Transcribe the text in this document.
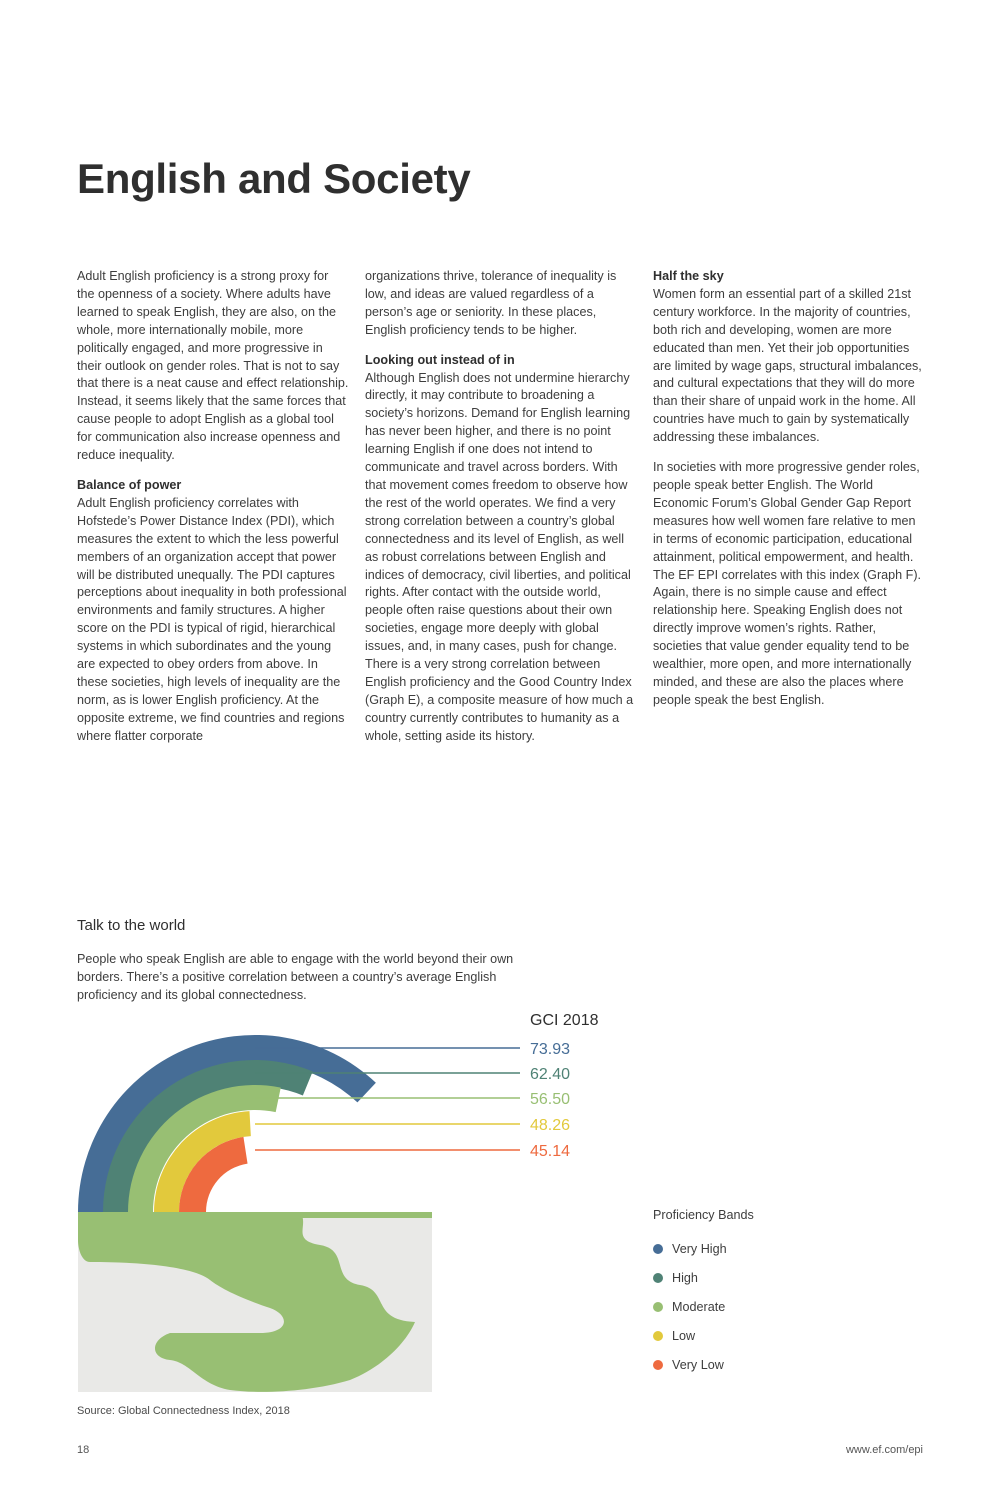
English and Society

Adult English proficiency is a strong proxy for the openness of a society. Where adults have learned to speak English, they are also, on the whole, more internationally mobile, more politically engaged, and more progressive in their outlook on gender roles. That is not to say that there is a neat cause and effect relationship. Instead, it seems likely that the same forces that cause people to adopt English as a global tool for communication also increase openness and reduce inequality.

Balance of power

Adult English proficiency correlates with Hofstede’s Power Distance Index (PDI), which measures the extent to which the less powerful members of an organization accept that power will be distributed unequally. The PDI captures perceptions about inequality in both professional environments and family structures. A higher score on the PDI is typical of rigid, hierarchical systems in which subordinates and the young are expected to obey orders from above. In these societies, high levels of inequality are the norm, as is lower English proficiency. At the opposite extreme, we find countries and regions where flatter corporate

organizations thrive, tolerance of inequality is low, and ideas are valued regardless of a person’s age or seniority. In these places, English proficiency tends to be higher.

Looking out instead of in

Although English does not undermine hierarchy directly, it may contribute to broadening a society’s horizons. Demand for English learning has never been higher, and there is no point learning English if one does not intend to communicate and travel across borders. With that movement comes freedom to observe how the rest of the world operates. We find a very strong correlation between a country’s global connectedness and its level of English, as well as robust correlations between English and indices of democracy, civil liberties, and political rights. After contact with the outside world, people often raise questions about their own societies, engage more deeply with global issues, and, in many cases, push for change. There is a very strong correlation between English proficiency and the Good Country Index (Graph E), a composite measure of how much a country currently contributes to humanity as a whole, setting aside its history.

Half the sky

Women form an essential part of a skilled 21st century workforce. In the majority of countries, both rich and developing, women are more educated than men. Yet their job opportunities are limited by wage gaps, structural imbalances, and cultural expectations that they will do more than their share of unpaid work in the home. All countries have much to gain by systematically addressing these imbalances.

In societies with more progressive gender roles, people speak better English. The World Economic Forum’s Global Gender Gap Report measures how well women fare relative to men in terms of economic participation, educational attainment, political empowerment, and health. The EF EPI correlates with this index (Graph F). Again, there is no simple cause and effect relationship here. Speaking English does not directly improve women’s rights. Rather, societies that value gender equality tend to be wealthier, more open, and more internationally minded, and these are also the places where people speak the best English.

Talk to the world

People who speak English are able to engage with the world beyond their own borders. There’s a positive correlation between a country’s average English proficiency and its global connectedness.

GCI 2018
73.93
62.40
56.50
48.26
45.14
Proficiency Bands
Very High
High
Moderate
Low
Very Low
Source: Global Connectedness Index, 2018
18	www.ef.com/epi
